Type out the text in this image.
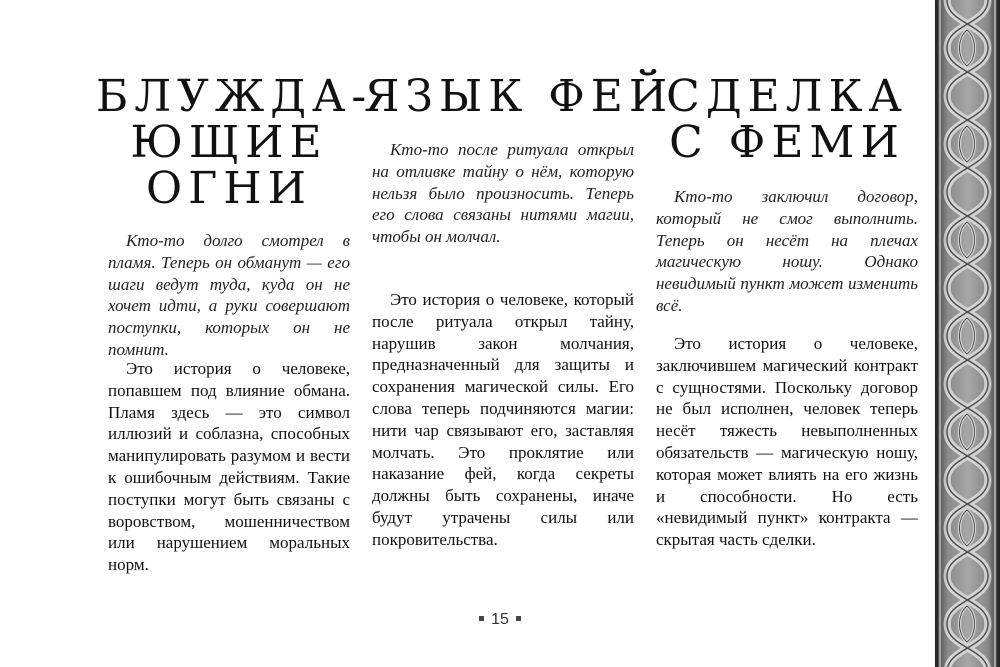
БЛУЖДА-
ЮЩИЕ
ОГНИ

Кто-то долго смотрел в пламя. Теперь он обманут — его шаги ведут туда, куда он не хочет идти, а руки совершают поступки, которых он не помнит.

Это история о человеке, попавшем под влияние обмана. Пламя здесь — это символ иллюзий и соблазна, способных манипулировать разумом и вести к ошибочным действиям. Такие поступки могут быть связаны с воровством, мошенничеством или нарушением моральных норм.

ЯЗЫК ФЕЙ

Кто-то после ритуала открыл на отливке тайну о нём, которую нельзя было произносить. Теперь его слова связаны нитями магии, чтобы он молчал.

Это история о человеке, который после ритуала открыл тайну, нарушив закон молчания, предназначенный для защиты и сохранения магической силы. Его слова теперь подчиняются магии: нити чар связывают его, заставляя молчать. Это проклятие или наказание фей, когда секреты должны быть сохранены, иначе будут утрачены силы или покровительства.

СДЕЛКА
С ФЕМИ

Кто-то заключил договор, который не смог выполнить. Теперь он несёт на плечах магическую ношу. Однако невидимый пункт может изменить всё.

Это история о человеке, заключившем магический контракт с сущностями. Поскольку договор не был исполнен, человек теперь несёт тяжесть невыполненных обязательств — магическую ношу, которая может влиять на его жизнь и способности. Но есть «невидимый пункт» контракта — скрытая часть сделки.

15
